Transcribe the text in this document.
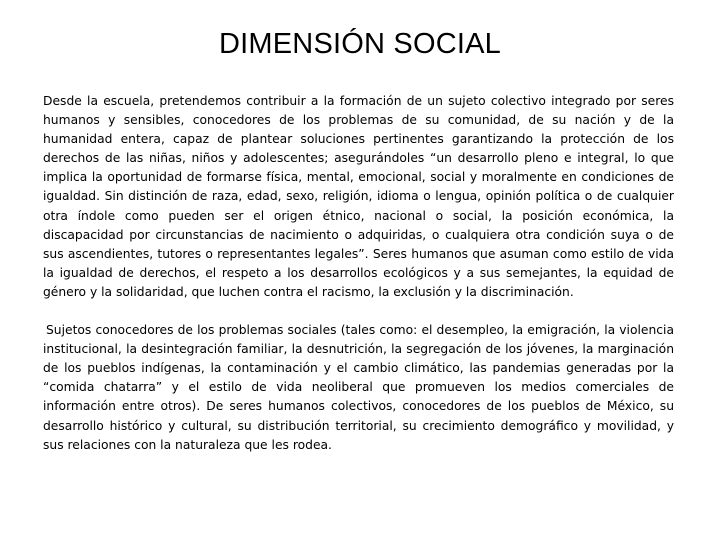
DIMENSIÓN SOCIAL

Desde la escuela, pretendemos contribuir a la formación de un sujeto colectivo integrado por seres humanos y sensibles, conocedores de los problemas de su comunidad, de su nación y de la humanidad entera, capaz de plantear soluciones pertinentes garantizando la protección de los derechos de las niñas, niños y adolescentes; asegurándoles “un desarrollo pleno e integral, lo que implica la oportunidad de formarse física, mental, emocional, social y moralmente en condiciones de igualdad. Sin distinción de raza, edad, sexo, religión, idioma o lengua, opinión política o de cualquier otra índole como pueden ser el origen étnico, nacional o social, la posición económica, la discapacidad por circunstancias de nacimiento o adquiridas, o cualquiera otra condición suya o de sus ascendientes, tutores o representantes legales”. Seres humanos que asuman como estilo de vida la igualdad de derechos, el respeto a los desarrollos ecológicos y a sus semejantes, la equidad de género y la solidaridad, que luchen contra el racismo, la exclusión y la discriminación.

Sujetos conocedores de los problemas sociales (tales como: el desempleo, la emigración, la violencia institucional, la desintegración familiar, la desnutrición, la segregación de los jóvenes, la marginación de los pueblos indígenas, la contaminación y el cambio climático, las pandemias generadas por la “comida chatarra” y el estilo de vida neoliberal que promueven los medios comerciales de información entre otros). De seres humanos colectivos, conocedores de los pueblos de México, su desarrollo histórico y cultural, su distribución territorial, su crecimiento demográfico y movilidad, y sus relaciones con la naturaleza que les rodea.
